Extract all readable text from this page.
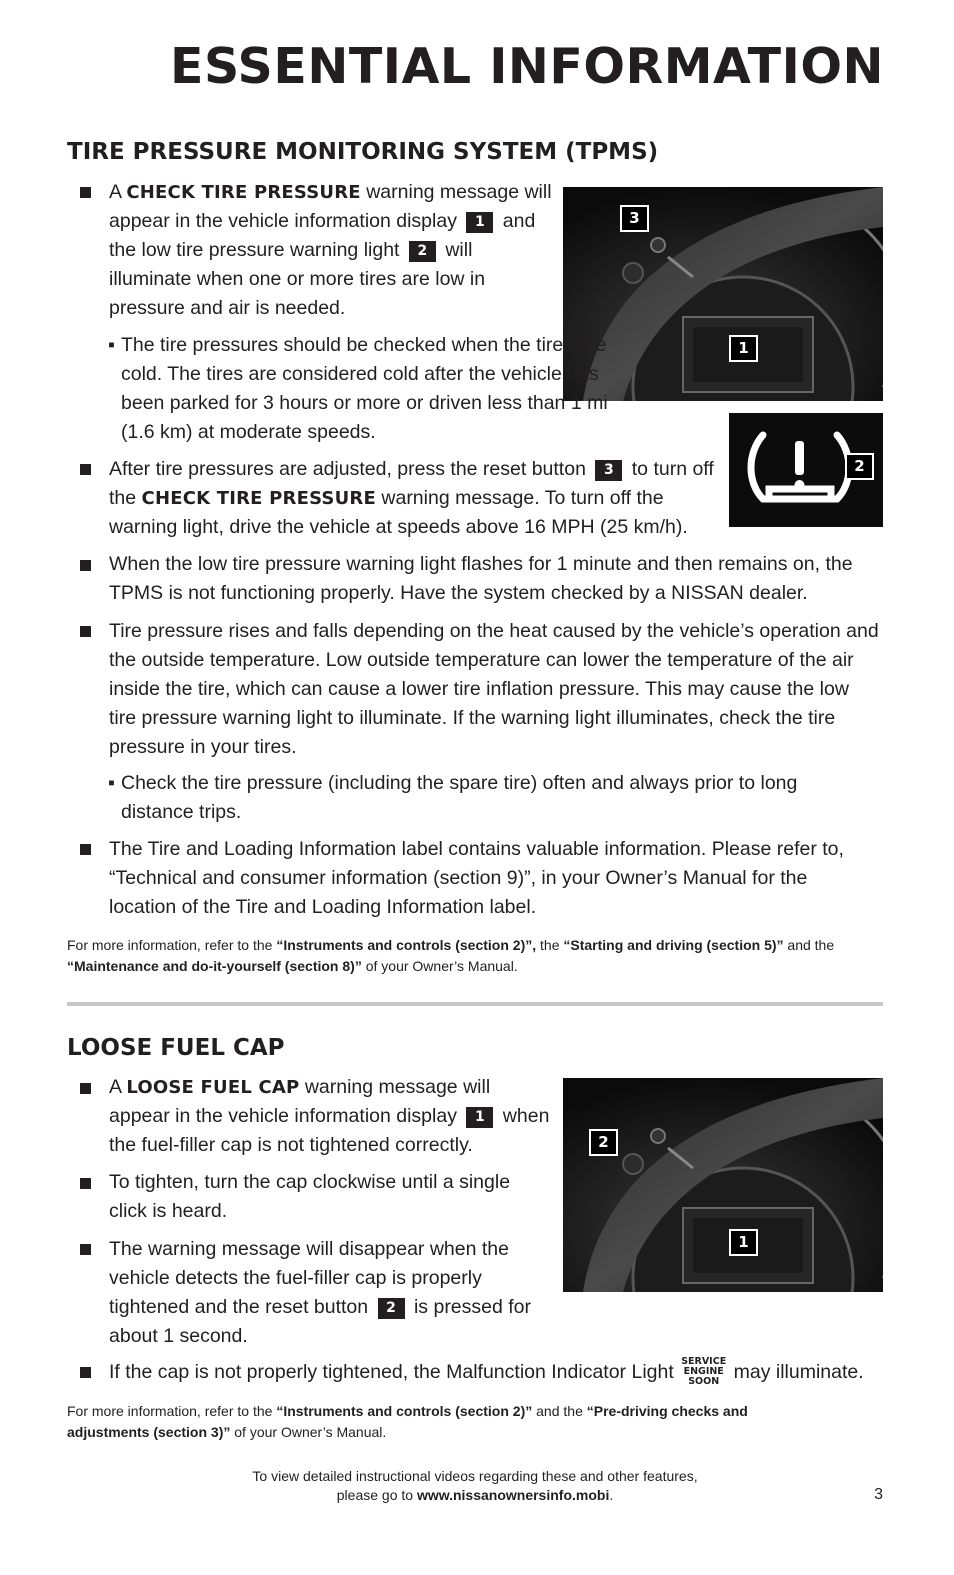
ESSENTIAL INFORMATION
TIRE PRESSURE MONITORING SYSTEM (TPMS)
3
1
2
A CHECK TIRE PRESSURE warning message will appear in the vehicle information display 1 and the low tire pressure warning light 2 will illuminate when one or more tires are low in pressure and air is needed.
▪ The tire pressures should be checked when the tires are cold. The tires are considered cold after the vehicle has been parked for 3 hours or more or driven less than 1 mi (1.6 km) at moderate speeds.
After tire pressures are adjusted, press the reset button 3 to turn off the CHECK TIRE PRESSURE warning message. To turn off the warning light, drive the vehicle at speeds above 16 MPH (25 km/h).
When the low tire pressure warning light flashes for 1 minute and then remains on, the TPMS is not functioning properly. Have the system checked by a NISSAN dealer.
Tire pressure rises and falls depending on the heat caused by the vehicle’s operation and the outside temperature. Low outside temperature can lower the temperature of the air inside the tire, which can cause a lower tire inflation pressure. This may cause the low tire pressure warning light to illuminate. If the warning light illuminates, check the tire pressure in your tires.
▪ Check the tire pressure (including the spare tire) often and always prior to long distance trips.
The Tire and Loading Information label contains valuable information. Please refer to, “Technical and consumer information (section 9)”, in your Owner’s Manual for the location of the Tire and Loading Information label.
For more information, refer to the “Instruments and controls (section 2)”, the “Starting and driving (section 5)” and the “Maintenance and do-it-yourself (section 8)” of your Owner’s Manual.
LOOSE FUEL CAP
2
1
A LOOSE FUEL CAP warning message will appear in the vehicle information display 1 when the fuel-filler cap is not tightened correctly.
To tighten, turn the cap clockwise until a single click is heard.
The warning message will disappear when the vehicle detects the fuel-filler cap is properly tightened and the reset button 2 is pressed for about 1 second.
If the cap is not properly tightened, the Malfunction Indicator Light SERVICE
ENGINE
SOON may illuminate.
For more information, refer to the “Instruments and controls (section 2)” and the “Pre-driving checks and adjustments (section 3)” of your Owner’s Manual.
To view detailed instructional videos regarding these and other features,
please go to www.nissanownersinfo.mobi.	3
